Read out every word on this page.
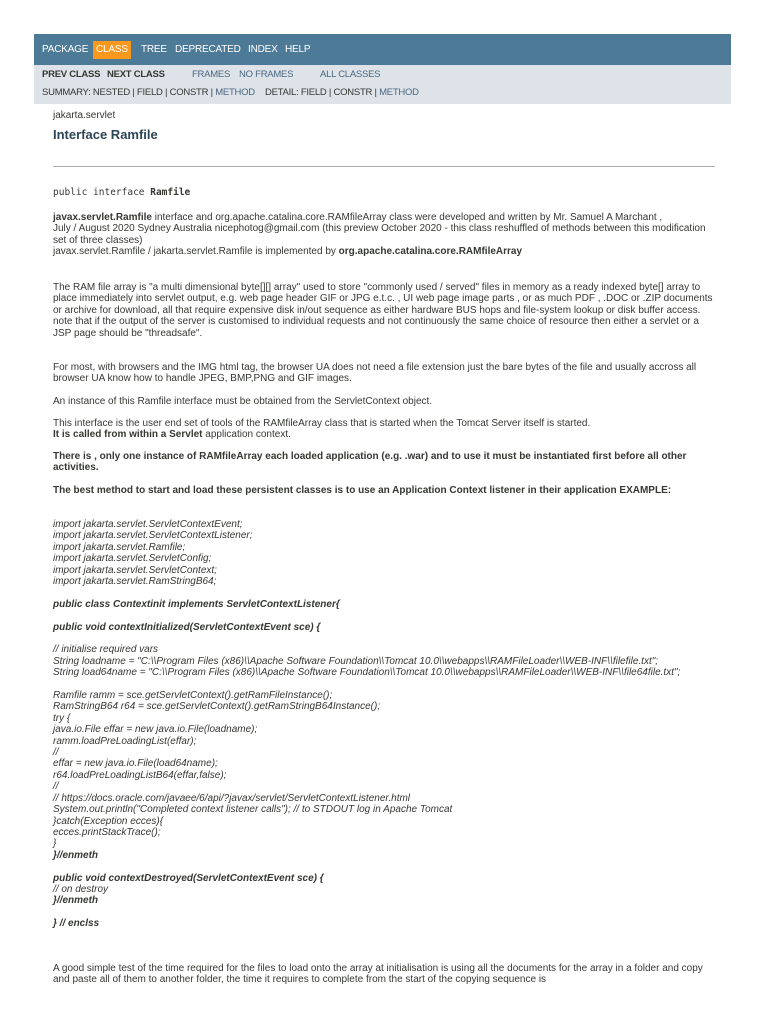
PACKAGE CLASS	TREE DEPRECATED INDEX HELP
PREV CLASS NEXT CLASS	FRAMES NO FRAMES	ALL CLASSES
SUMMARY: NESTED | FIELD | CONSTR | METHOD DETAIL: FIELD | CONSTR | METHOD
jakarta.servlet
Interface Ramfile
public interface Ramfile

javax.servlet.Ramfile interface and org.apache.catalina.core.RAMfileArray class were developed and written by Mr. Samuel A Marchant ,

July / August 2020 Sydney Australia nicephotog@gmail.com (this preview October 2020 - this class reshuffled of methods between this modification set of three classes)

javax.servlet.Ramfile / jakarta.servlet.Ramfile is implemented by org.apache.catalina.core.RAMfileArray

The RAM file array is "a multi dimensional byte[][] array" used to store "commonly used / served" files in memory as a ready indexed byte[] array to place immediately into servlet output, e.g. web page header GIF or JPG e.t.c. , UI web page image parts , or as much PDF , .DOC or .ZIP documents or archive for download, all that require expensive disk in/out sequence as either hardware BUS hops and file-system lookup or disk buffer access.

note that if the output of the server is customised to individual requests and not continuously the same choice of resource then either a servlet or a JSP page should be "threadsafe".

For most, with browsers and the IMG html tag, the browser UA does not need a file extension just the bare bytes of the file and usually accross all browser UA know how to handle JPEG, BMP,PNG and GIF images.

An instance of this Ramfile interface must be obtained from the ServletContext object.

This interface is the user end set of tools of the RAMfileArray class that is started when the Tomcat Server itself is started.

It is called from within a Servlet application context.

There is , only one instance of RAMfileArray each loaded application (e.g. .war) and to use it must be instantiated first before all other activities.

The best method to start and load these persistent classes is to use an Application Context listener in their application EXAMPLE:

import jakarta.servlet.ServletContextEvent;
import jakarta.servlet.ServletContextListener;
import jakarta.servlet.Ramfile;
import jakarta.servlet.ServletConfig;
import jakarta.servlet.ServletContext;
import jakarta.servlet.RamStringB64;
public class Contextinit implements ServletContextListener{
public void contextInitialized(ServletContextEvent sce) {
// initialise required vars
String loadname = "C:\\Program Files (x86)\\Apache Software Foundation\\Tomcat 10.0\\webapps\\RAMFileLoader\\WEB-INF\\filefile.txt";
String load64name = "C:\\Program Files (x86)\\Apache Software Foundation\\Tomcat 10.0\\webapps\\RAMFileLoader\\WEB-INF\\file64file.txt";
Ramfile ramm = sce.getServletContext().getRamFileInstance();
RamStringB64 r64 = sce.getServletContext().getRamStringB64Instance();
try {
java.io.File effar = new java.io.File(loadname);
ramm.loadPreLoadingList(effar);
//
effar = new java.io.File(load64name);
r64.loadPreLoadingListB64(effar,false);
//
// https://docs.oracle.com/javaee/6/api/?javax/servlet/ServletContextListener.html
System.out.println("Completed context listener calls"); // to STDOUT log in Apache Tomcat
}catch(Exception ecces){
ecces.printStackTrace();
}
}//enmeth
public void contextDestroyed(ServletContextEvent sce) {
// on destroy
}//enmeth
} // enclss

A good simple test of the time required for the files to load onto the array at initialisation is using all the documents for the array in a folder and copy and paste all of them to another folder, the time it requires to complete from the start of the copying sequence is
